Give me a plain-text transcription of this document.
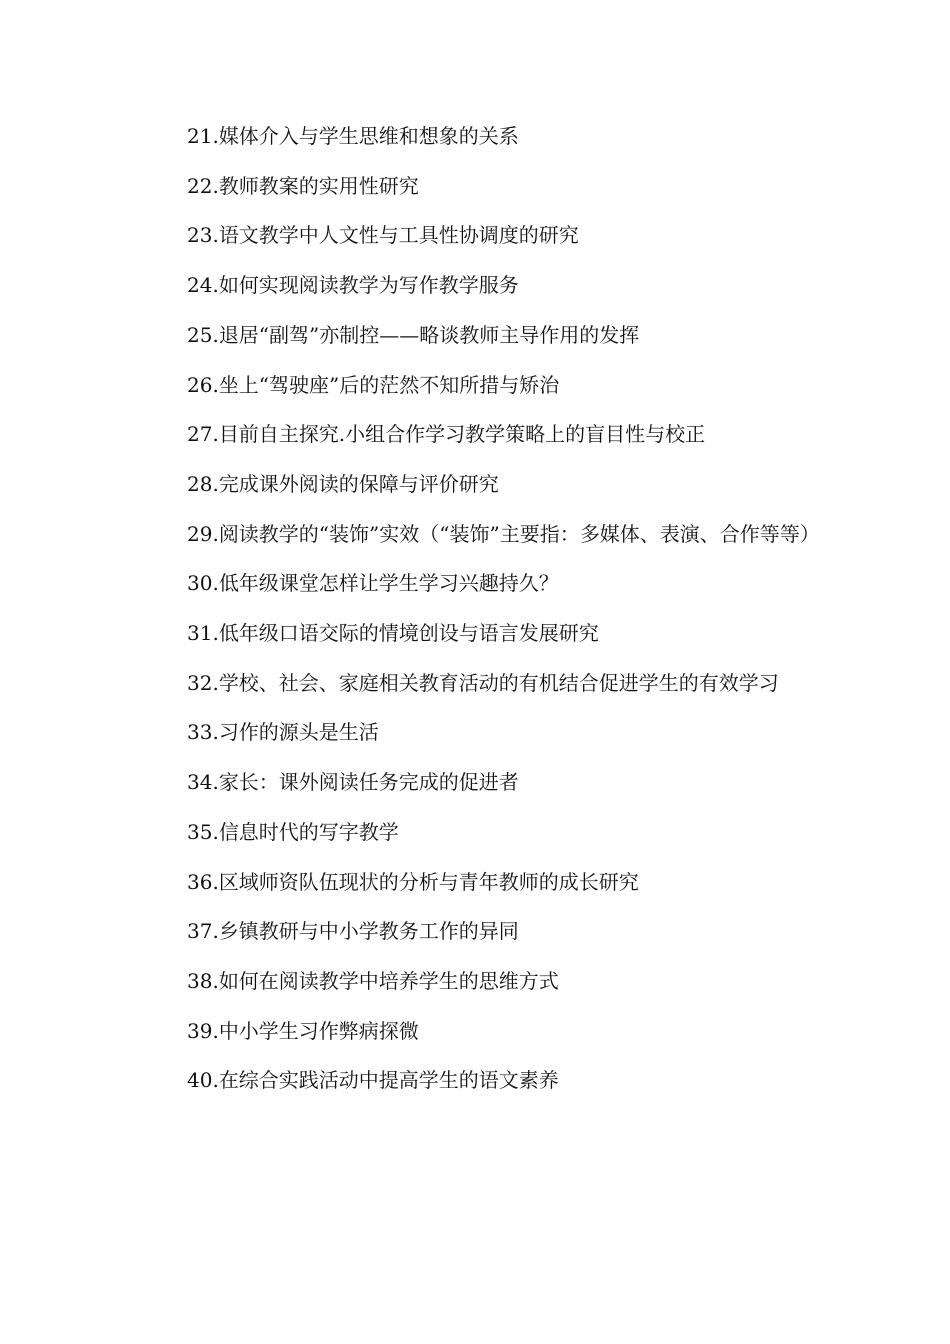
21.媒体介入与学生思维和想象的关系
22.教师教案的实用性研究
23.语文教学中人文性与工具性协调度的研究
24.如何实现阅读教学为写作教学服务
25.退居“副驾”亦制控——略谈教师主导作用的发挥
26.坐上“驾驶座”后的茫然不知所措与矫治
27.目前自主探究.小组合作学习教学策略上的盲目性与校正
28.完成课外阅读的保障与评价研究
29.阅读教学的“装饰”实效（“装饰”主要指：多媒体、表演、合作等等）
30.低年级课堂怎样让学生学习兴趣持久？
31.低年级口语交际的情境创设与语言发展研究
32.学校、社会、家庭相关教育活动的有机结合促进学生的有效学习
33.习作的源头是生活
34.家长：课外阅读任务完成的促进者
35.信息时代的写字教学
36.区域师资队伍现状的分析与青年教师的成长研究
37.乡镇教研与中小学教务工作的异同
38.如何在阅读教学中培养学生的思维方式
39.中小学生习作弊病探微
40.在综合实践活动中提高学生的语文素养
